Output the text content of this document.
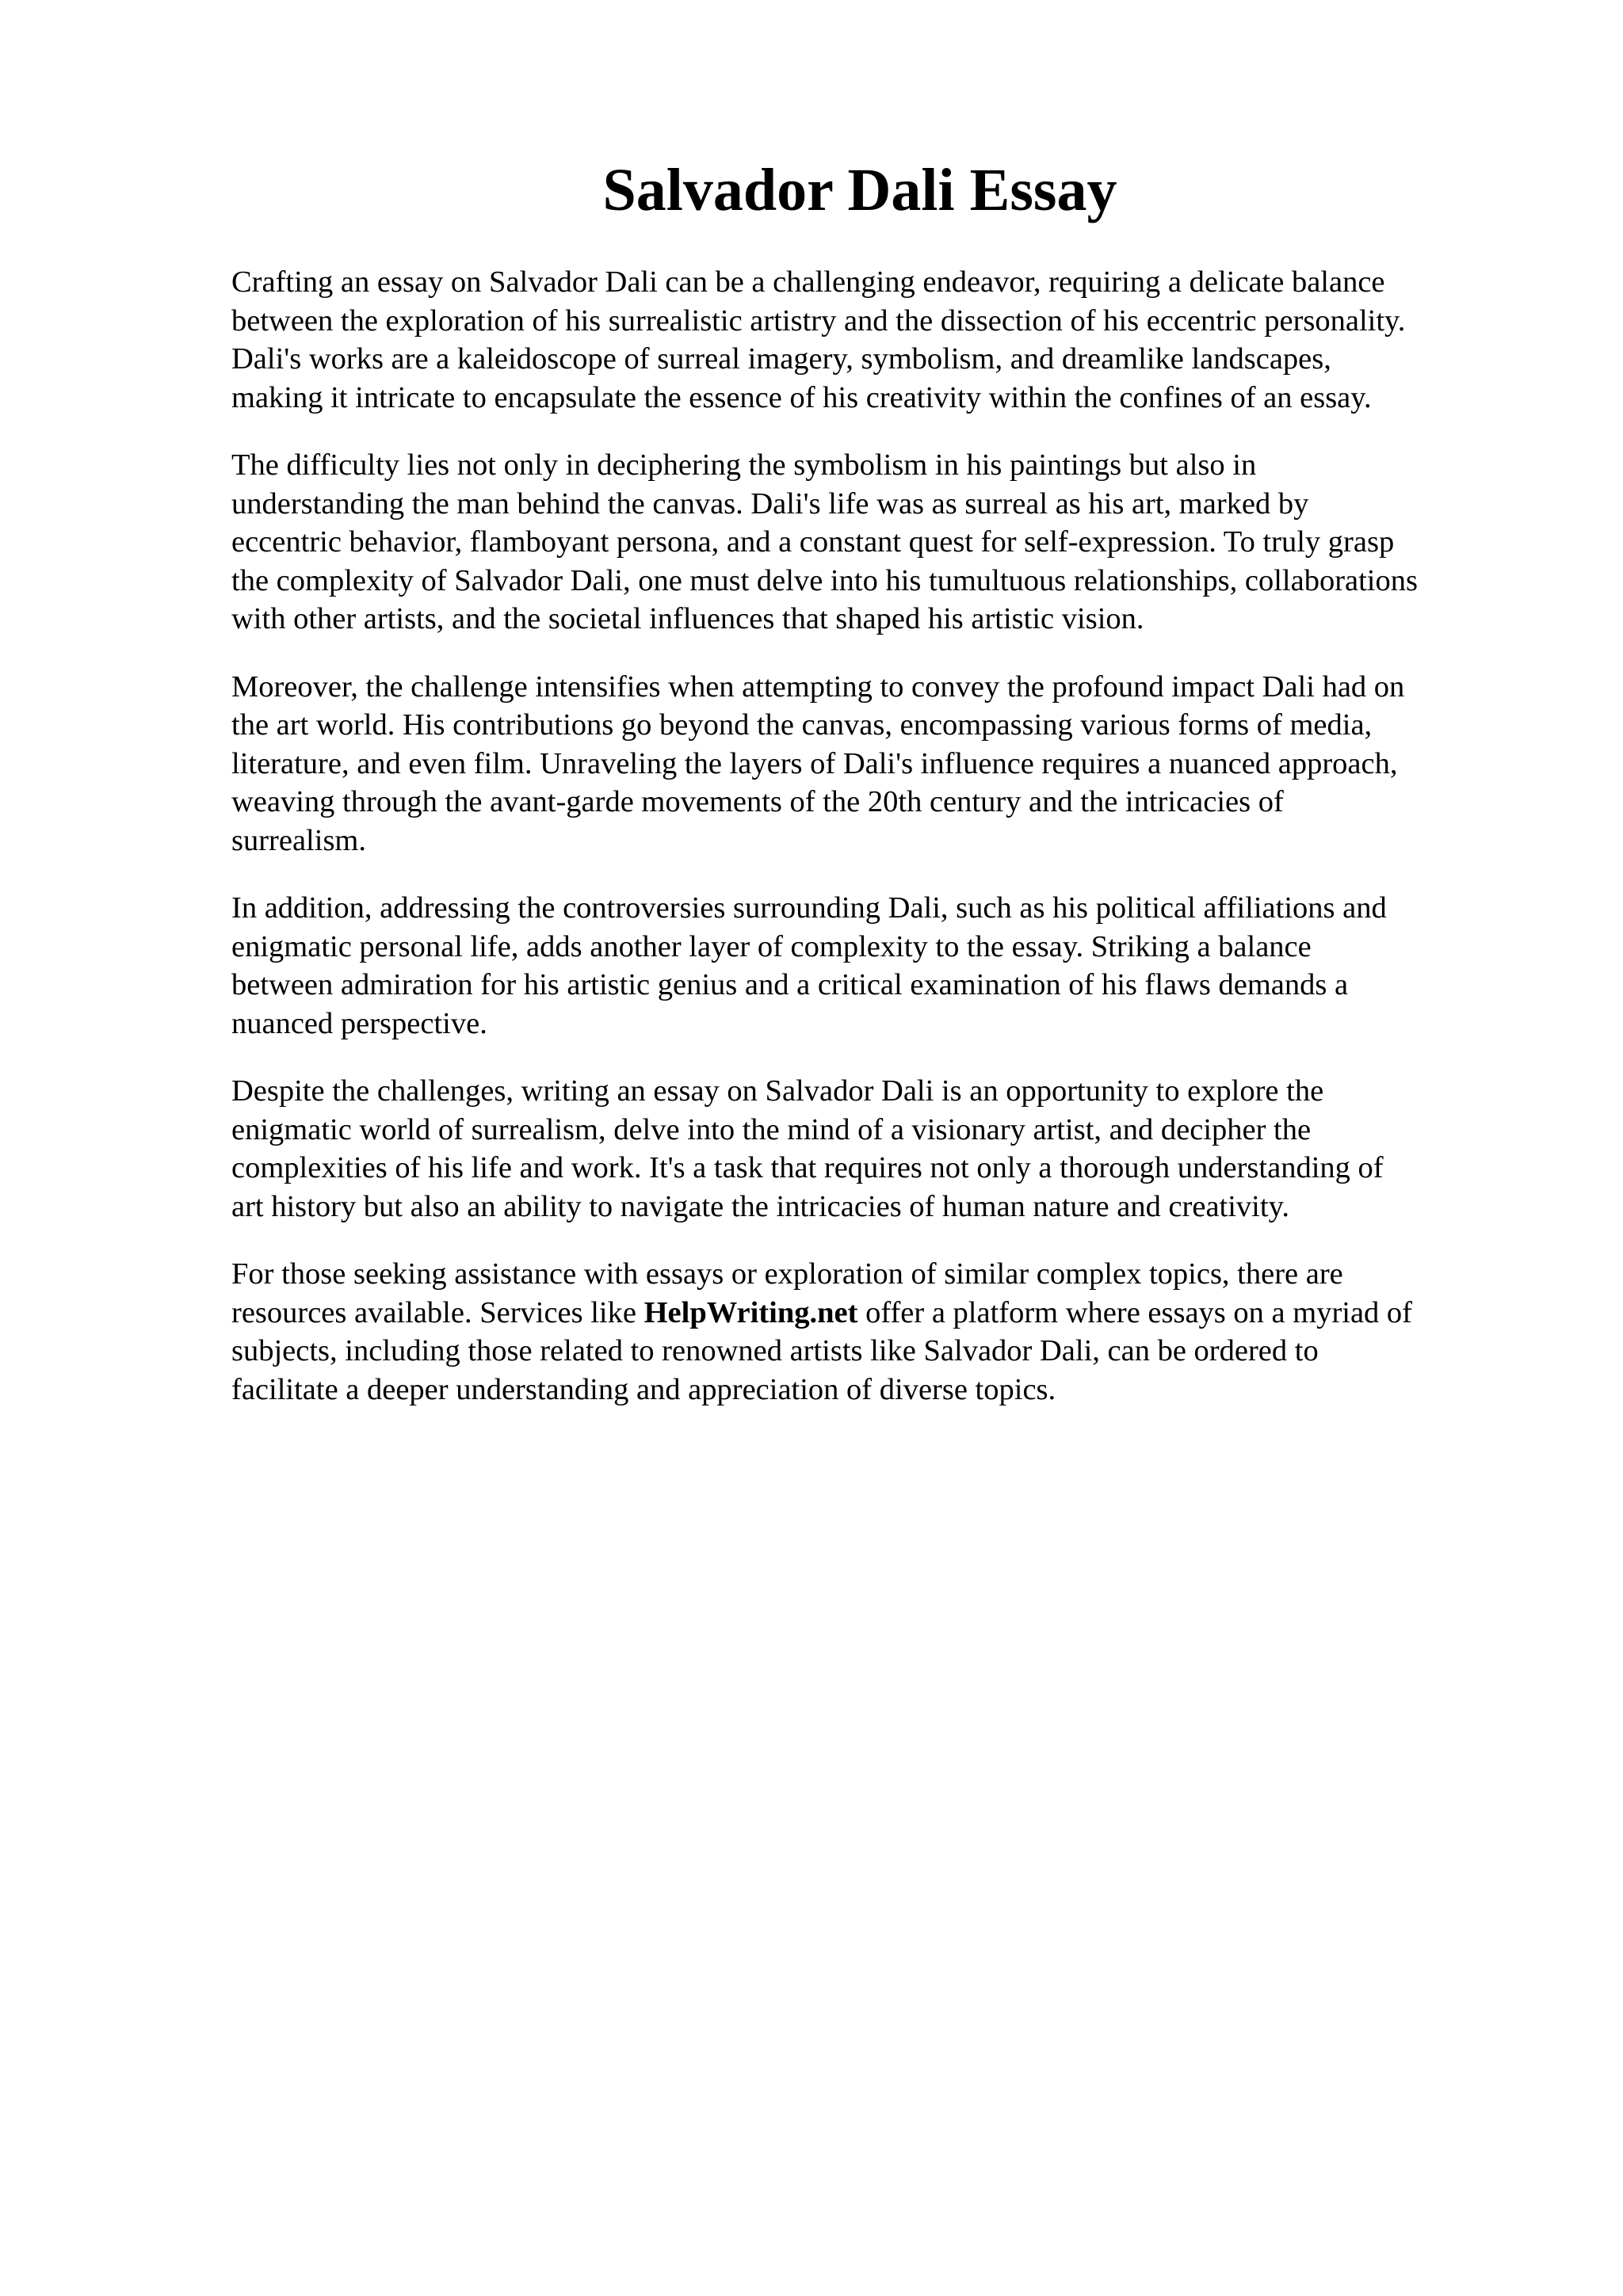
Salvador Dali Essay

Crafting an essay on Salvador Dali can be a challenging endeavor, requiring a delicate balance
between the exploration of his surrealistic artistry and the dissection of his eccentric personality.
Dali's works are a kaleidoscope of surreal imagery, symbolism, and dreamlike landscapes,
making it intricate to encapsulate the essence of his creativity within the confines of an essay.

The difficulty lies not only in deciphering the symbolism in his paintings but also in
understanding the man behind the canvas. Dali's life was as surreal as his art, marked by
eccentric behavior, flamboyant persona, and a constant quest for self-expression. To truly grasp
the complexity of Salvador Dali, one must delve into his tumultuous relationships, collaborations
with other artists, and the societal influences that shaped his artistic vision.

Moreover, the challenge intensifies when attempting to convey the profound impact Dali had on
the art world. His contributions go beyond the canvas, encompassing various forms of media,
literature, and even film. Unraveling the layers of Dali's influence requires a nuanced approach,
weaving through the avant-garde movements of the 20th century and the intricacies of
surrealism.

In addition, addressing the controversies surrounding Dali, such as his political affiliations and
enigmatic personal life, adds another layer of complexity to the essay. Striking a balance
between admiration for his artistic genius and a critical examination of his flaws demands a
nuanced perspective.

Despite the challenges, writing an essay on Salvador Dali is an opportunity to explore the
enigmatic world of surrealism, delve into the mind of a visionary artist, and decipher the
complexities of his life and work. It's a task that requires not only a thorough understanding of
art history but also an ability to navigate the intricacies of human nature and creativity.

For those seeking assistance with essays or exploration of similar complex topics, there are
resources available. Services like HelpWriting.net offer a platform where essays on a myriad of
subjects, including those related to renowned artists like Salvador Dali, can be ordered to
facilitate a deeper understanding and appreciation of diverse topics.
